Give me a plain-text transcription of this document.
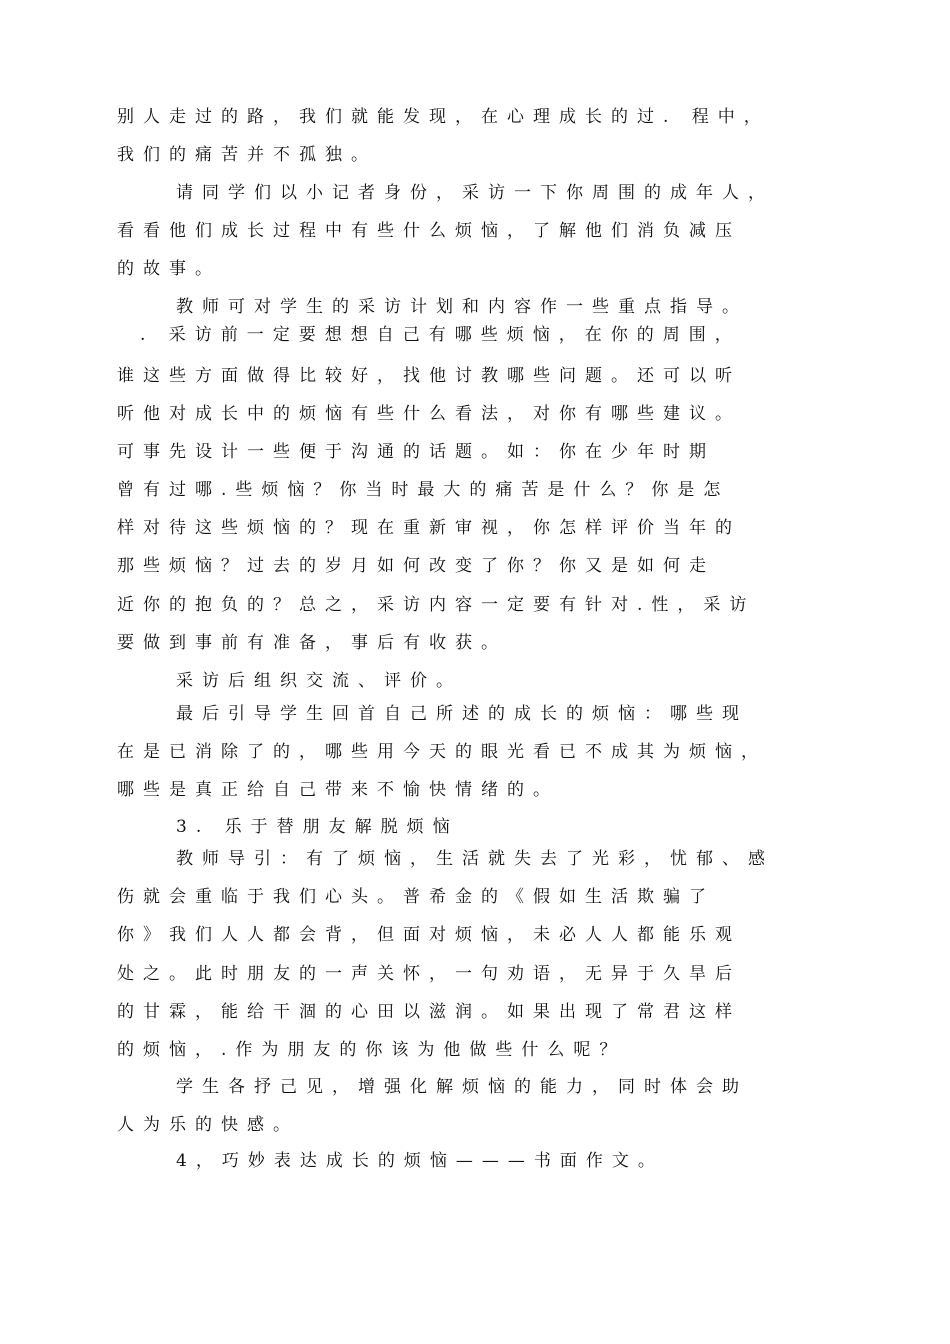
别人走过的路，我们就能发现，在心理成长的过. 程中，
我们的痛苦并不孤独。
请同学们以小记者身份，采访一下你周围的成年人，
看看他们成长过程中有些什么烦恼，了解他们消负减压
的故事。
教师可对学生的采访计划和内容作一些重点指导。
. 采访前一定要想想自己有哪些烦恼，在你的周围，
谁这些方面做得比较好，找他讨教哪些问题。还可以听
听他对成长中的烦恼有些什么看法，对你有哪些建议。
可事先设计一些便于沟通的话题。如：你在少年时期
曾有过哪.些烦恼？你当时最大的痛苦是什么？你是怎
样对待这些烦恼的？现在重新审视，你怎样评价当年的
那些烦恼？过去的岁月如何改变了你？你又是如何走
近你的抱负的？总之，采访内容一定要有针对.性，采访
要做到事前有准备，事后有收获。
采访后组织交流、评价。
最后引导学生回首自己所述的成长的烦恼：哪些现
在是已消除了的，哪些用今天的眼光看已不成其为烦恼，
哪些是真正给自己带来不愉快情绪的。
3. 乐于替朋友解脱烦恼
教师导引：有了烦恼，生活就失去了光彩，忧郁、感
伤就会重临于我们心头。普希金的《假如生活欺骗了
你》我们人人都会背，但面对烦恼，未必人人都能乐观
处之。此时朋友的一声关怀，一句劝语，无异于久旱后
的甘霖，能给干涸的心田以滋润。如果出现了常君这样
的烦恼，.作为朋友的你该为他做些什么呢？
学生各抒己见，增强化解烦恼的能力，同时体会助
人为乐的快感。
4，巧妙表达成长的烦恼———书面作文。
